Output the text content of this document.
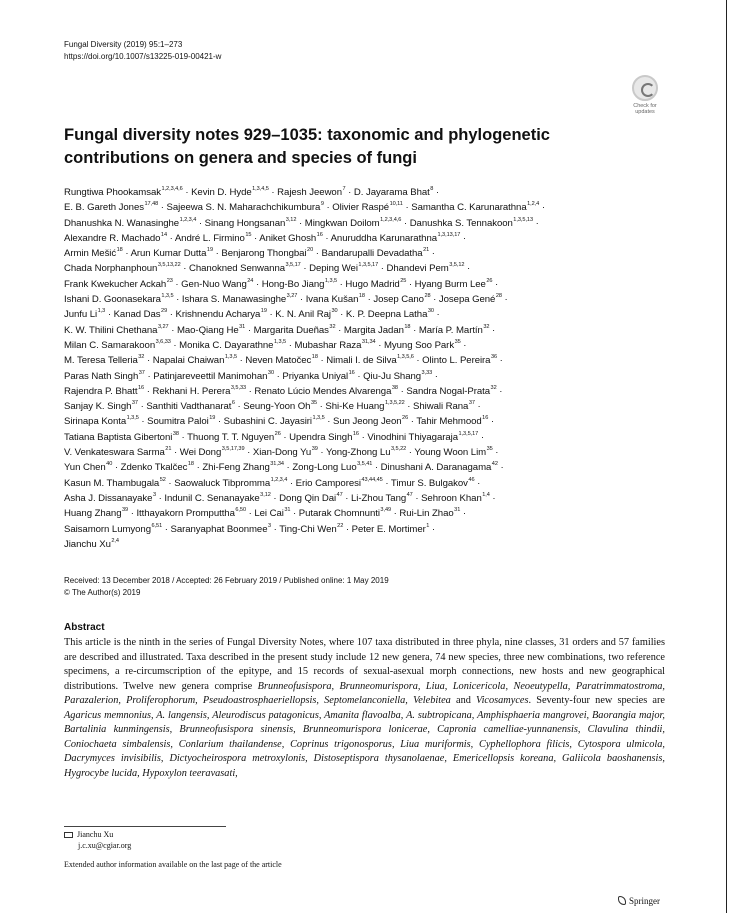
Fungal Diversity (2019) 95:1–273
https://doi.org/10.1007/s13225-019-00421-w
Check for updates
Fungal diversity notes 929–1035: taxonomic and phylogenetic contributions on genera and species of fungi
Rungtiwa Phookamsak$^{1,2,3,4,6}$ · Kevin D. Hyde$^{1,3,4,5}$ · Rajesh Jeewon$^7$ · D. Jayarama Bhat$^8$ ·
E. B. Gareth Jones$^{17,48}$ · Sajeewa S. N. Maharachchikumbura$^9$ · Olivier Raspé$^{10,11}$ · Samantha C. Karunarathna$^{1,2,4}$ ·
Dhanushka N. Wanasinghe$^{1,2,3,4}$ · Sinang Hongsanan$^{3,12}$ · Mingkwan Doilom$^{1,2,3,4,6}$ · Danushka S. Tennakoon$^{1,3,5,13}$ ·
Alexandre R. Machado$^{14}$ · André L. Firmino$^{15}$ · Aniket Ghosh$^{16}$ · Anuruddha Karunarathna$^{1,3,13,17}$ ·
Armin Mešić$^{18}$ · Arun Kumar Dutta$^{19}$ · Benjarong Thongbai$^{20}$ · Bandarupalli Devadatha$^{21}$ ·
Chada Norphanphoun$^{3,5,13,22}$ · Chanokned Senwanna$^{3,5,17}$ · Deping Wei$^{1,3,5,17}$ · Dhandevi Pem$^{3,5,12}$ ·
Frank Kwekucher Ackah$^{23}$ · Gen-Nuo Wang$^{24}$ · Hong-Bo Jiang$^{1,3,5}$ · Hugo Madrid$^{25}$ · Hyang Burm Lee$^{26}$ ·
Ishani D. Goonasekara$^{1,3,5}$ · Ishara S. Manawasinghe$^{3,27}$ · Ivana Kušan$^{18}$ · Josep Cano$^{28}$ · Josepa Gené$^{28}$ ·
Junfu Li$^{1,3}$ · Kanad Das$^{29}$ · Krishnendu Acharya$^{19}$ · K. N. Anil Raj$^{30}$ · K. P. Deepna Latha$^{30}$ ·
K. W. Thilini Chethana$^{3,27}$ · Mao-Qiang $He^{31}$ · Margarita Dueñas$^{32}$ · Margita Jadan$^{18}$ · María P. Martín$^{32}$ ·
Milan C. Samarakoon$^{3,6,33}$ · Monika C. Dayarathne$^{1,3,5}$ · Mubashar Raza$^{31,34}$ · Myung Soo Park$^{35}$ ·
M. Teresa Telleria$^{32}$ · Napalai Chaiwan$^{1,3,5}$ · Neven Matočec$^{18}$ · Nimali I. de Silva$^{1,3,5,6}$ · Olinto L. Pereira$^{36}$ ·
Paras Nath Singh$^{37}$ · Patinjareveettil Manimohan$^{30}$ · Priyanka Uniyal$^{16}$ · Qiu-Ju Shang$^{3,33}$ ·
Rajendra P. Bhatt$^{16}$ · Rekhani H. Perera$^{3,5,33}$ · Renato Lúcio Mendes Alvarenga$^{38}$ · Sandra Nogal-Prata$^{32}$ ·
Sanjay K. Singh$^{37}$ · Santhiti Vadthanarat$^6$ · Seung-Yoon $Oh^{35} \cdot Shi-Ke$ Huang$^{1,3,5,22}$ · Shiwali Rana$^{37}$ ·
Sirinapa Konta$^{1,3,5}$ · Soumitra Paloi$^{19}$ · Subashini C. Jayasiri$^{1,3,5}$ · Sun Jeong Jeon$^{26}$ · Tahir Mehmood$^{16}$ ·
Tatiana Baptista Gibertoni$^{38}$ · Thuong T. T. Nguyen$^{26}$ · Upendra Singh$^{16}$ · Vinodhini Thiyagaraja$^{1,3,5,17}$ ·
V. Venkateswara Sarma$^{21}$ · Wei Dong$^{3,5,17,39}$ · Xian-Dong $Yu^{39}$ · Yong-Zhong Lu$^{3,5,22}$ · Young Woon Lim$^{35}$ ·
Yun Chen$^{40}$ · Zdenko Tkalčec$^{18}$ · Zhi-Feng Zhang$^{31,34}$ · Zong-Long Luo$^{3,5,41}$ · Dinushani A. Daranagama$^{42}$ ·
Kasun M. Thambugala$^{52}$ · Saowaluck Tibpromma$^{1,2,3,4}$ · Erio Camporesi$^{43,44,45}$ · Timur S. Bulgakov$^{46}$ ·
Asha J. Dissanayake$^3$ · Indunil C. Senanayake$^{3,12}$ · Dong Qin Dai$^{47}$ · Li-Zhou Tang$^{47}$ · Sehroon Khan$^{1,4}$ ·
Huang Zhang$^{39}$ · Itthayakorn Promputtha$^{6,50}$ · Lei Cai$^{31}$ · Putarak Chomnunti$^{3,49}$ · Rui-Lin Zhao$^{31}$ ·
Saisamorn Lumyong$^{6,51}$ · Saranyaphat Boonmee$^3$ · Ting-Chi Wen$^{22}$ · Peter E. Mortimer$^1$ ·
Jianchu Xu$^{2,4}$
Received: 13 December 2018 / Accepted: 26 February 2019 / Published online: 1 May 2019
© The Author(s) 2019
Abstract
This article is the ninth in the series of Fungal Diversity Notes, where 107 taxa distributed in three phyla, nine classes, 31 orders and 57 families are described and illustrated. Taxa described in the present study include 12 new genera, 74 new species, three new combinations, two reference specimens, a re-circumscription of the epitype, and 15 records of sexual-asexual morph connections, new hosts and new geographical distributions. Twelve new genera comprise Brunneofusispora, Brunneomurispora, Liua, Lonicericola, Neoeutypella, Paratrimmatostroma, Parazalerion, Proliferophorum, Pseudoastrosphaeriellopsis, Septomelanconiella, Velebitea and Vicosamyces. Seventy-four new species are Agaricus memnonius, A. langensis, Aleurodiscus patagonicus, Amanita flavoalba, A. subtropicana, Amphisphaeria mangrovei, Baorangia major, Bartalinia kunmingensis, Brunneofusispora sinensis, Brunneomurispora lonicerae, Capronia camelliae-yunnanensis, Clavulina thindii, Coniochaeta simbalensis, Conlarium thailandense, Coprinus trigonosporus, Liua muriformis, Cyphellophora filicis, Cytospora ulmicola, Dacrymyces invisibilis, Dictyocheirospora metroxylonis, Distoseptispora thysanolaenae, Emericellopsis koreana, Galiicola baoshanensis, Hygrocybe lucida, Hypoxylon teeravasati,
Jianchu Xu
j.c.xu@cgiar.org
Extended author information available on the last page of the article
Springer
